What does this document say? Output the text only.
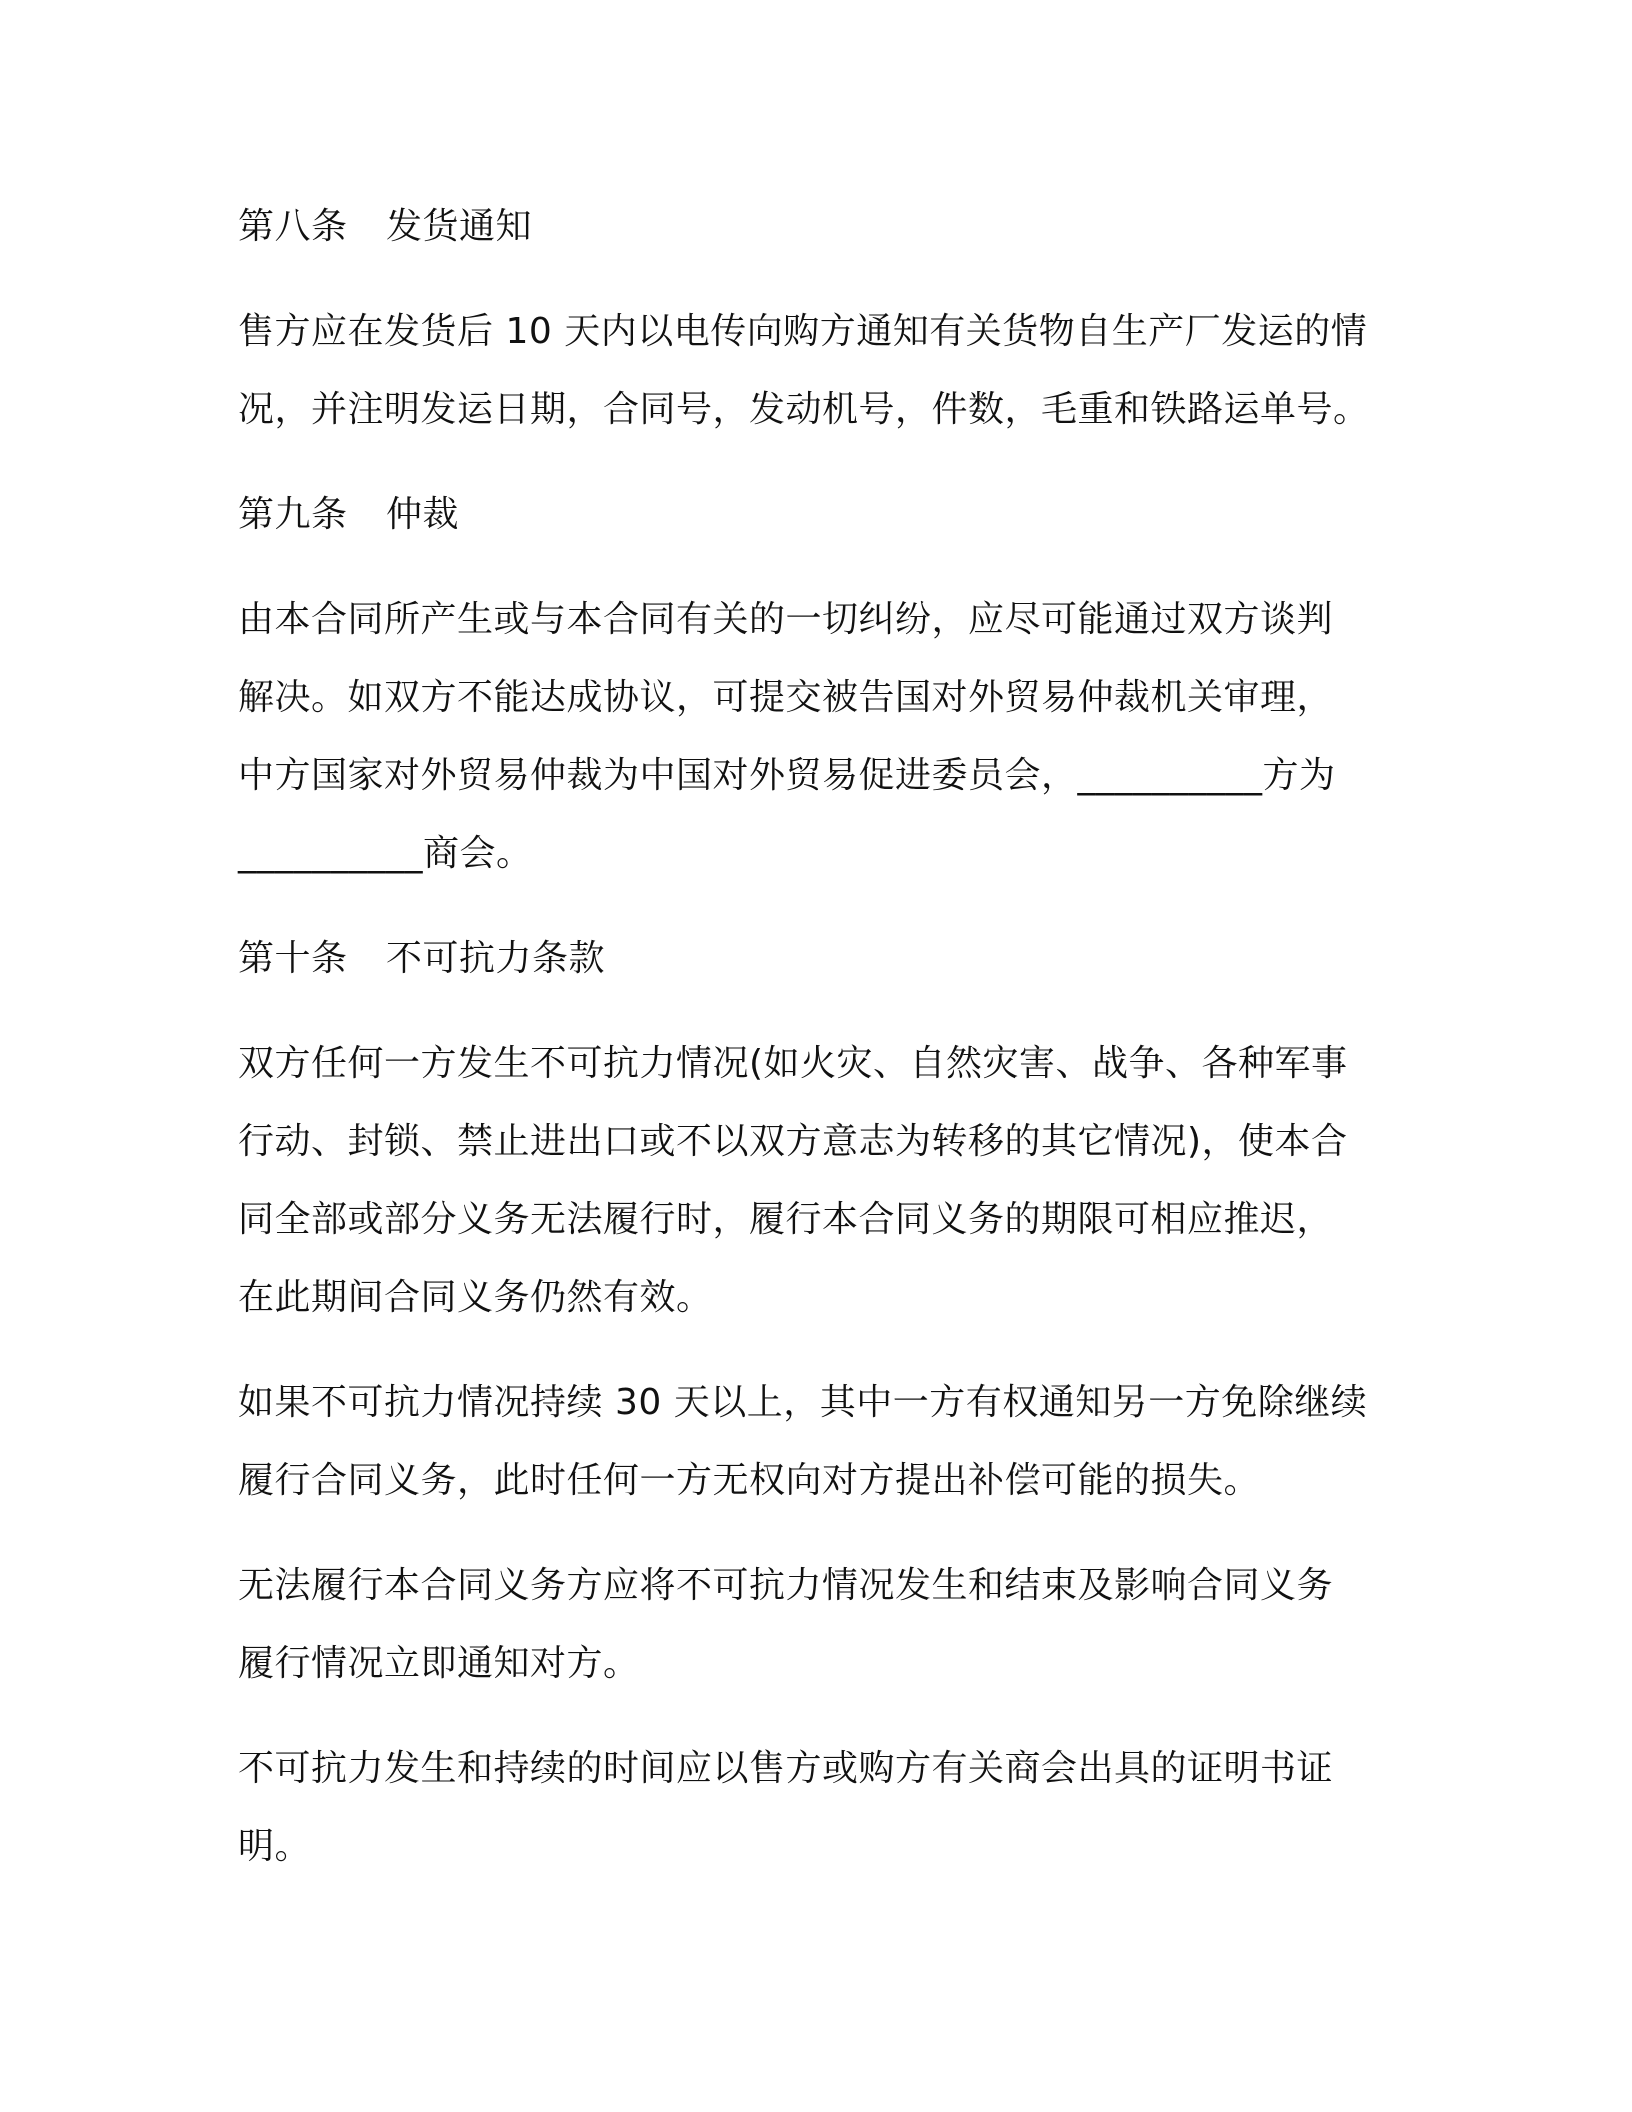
第八条 发货通知
售方应在发货后 10 天内以电传向购方通知有关货物自生产厂发运的情
况，并注明发运日期，合同号，发动机号，件数，毛重和铁路运单号。
第九条 仲裁
由本合同所产生或与本合同有关的一切纠纷，应尽可能通过双方谈判
解决。如双方不能达成协议，可提交被告国对外贸易仲裁机关审理，
中方国家对外贸易仲裁为中国对外贸易促进委员会，__________方为
__________商会。
第十条 不可抗力条款
双方任何一方发生不可抗力情况(如火灾、自然灾害、战争、各种军事
行动、封锁、禁止进出口或不以双方意志为转移的其它情况)，使本合
同全部或部分义务无法履行时，履行本合同义务的期限可相应推迟，
在此期间合同义务仍然有效。
如果不可抗力情况持续 30 天以上，其中一方有权通知另一方免除继续
履行合同义务，此时任何一方无权向对方提出补偿可能的损失。
无法履行本合同义务方应将不可抗力情况发生和结束及影响合同义务
履行情况立即通知对方。
不可抗力发生和持续的时间应以售方或购方有关商会出具的证明书证
明。
